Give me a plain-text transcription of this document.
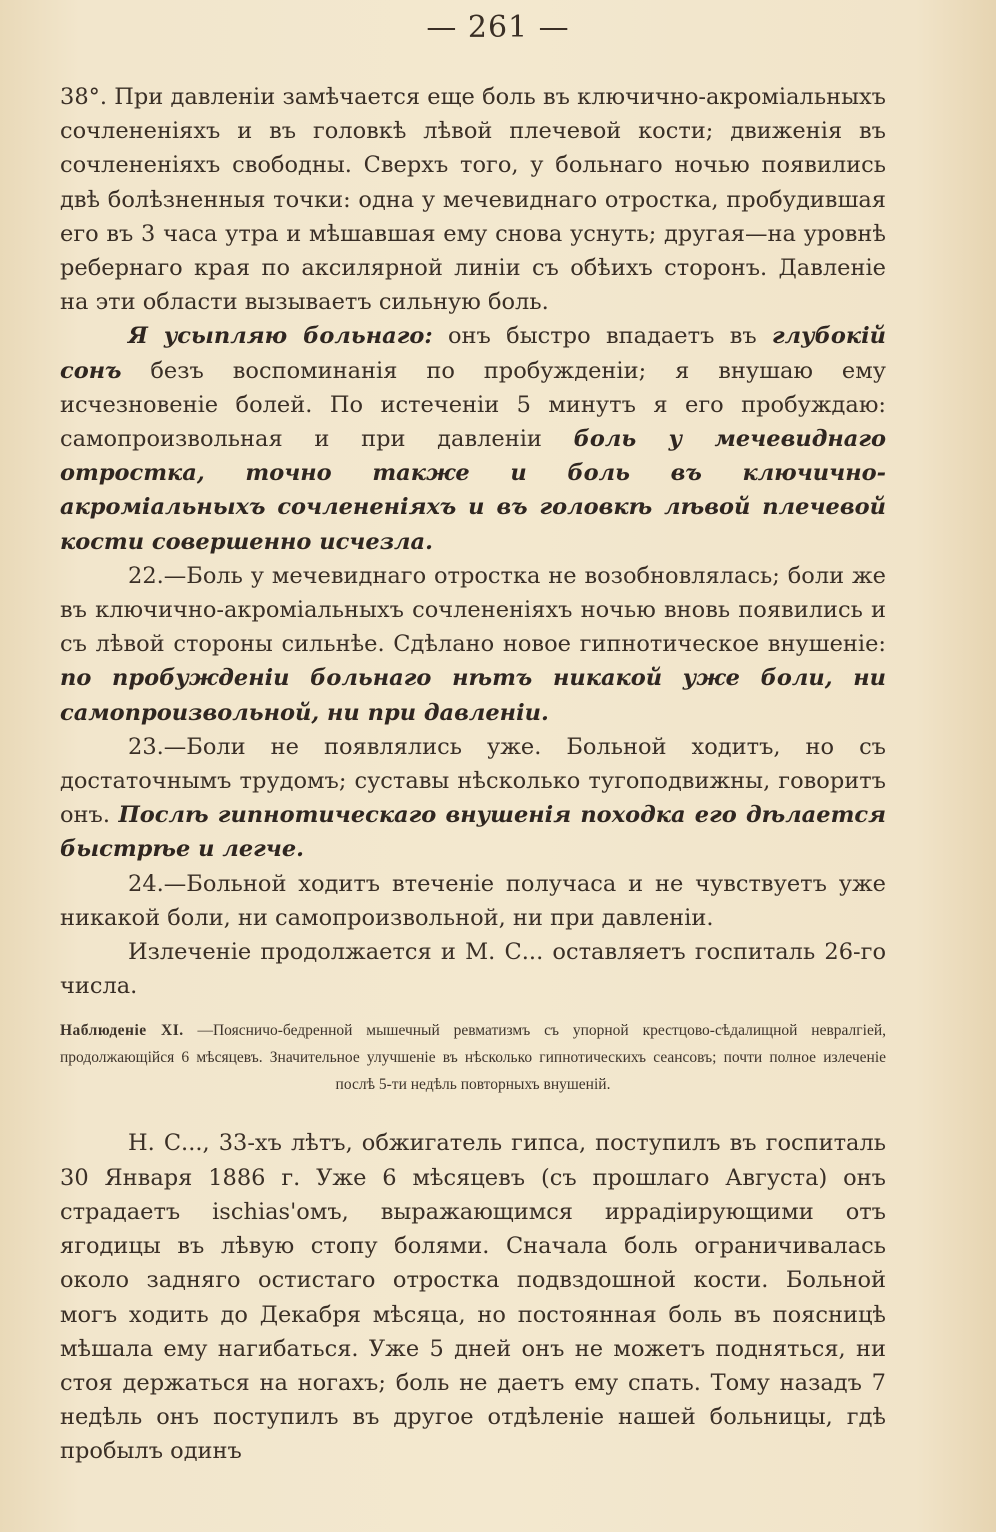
— 261 —

38°. При давленіи замѣчается еще боль въ ключично-акроміальныхъ сочлененіяхъ и въ головкѣ лѣвой плечевой кости; движенія въ сочлененіяхъ свободны. Сверхъ того, у больнаго ночью появились двѣ болѣзненныя точки: одна у мечевиднаго отростка, пробудившая его въ 3 часа утра и мѣшавшая ему снова уснуть; другая—на уровнѣ ребернаго края по аксилярной линіи съ обѣихъ сторонъ. Давленіе на эти области вызываетъ сильную боль.

Я усыпляю больнаго: онъ быстро впадаетъ въ глубокій сонъ безъ воспоминанія по пробужденіи; я внушаю ему исчезновеніе болей. По истеченіи 5 минутъ я его пробуждаю: самопроизвольная и при давленіи боль у мечевиднаго отростка, точно также и боль въ ключично-акроміальныхъ сочлененіяхъ и въ головкѣ лѣвой плечевой кости совершенно исчезла.

22.—Боль у мечевиднаго отростка не возобновлялась; боли же въ ключично-акроміальныхъ сочлененіяхъ ночью вновь появились и съ лѣвой стороны сильнѣе. Сдѣлано новое гипнотическое внушеніе: по пробужденіи больнаго нѣтъ никакой уже боли, ни самопроизвольной, ни при давленіи.

23.—Боли не появлялись уже. Больной ходитъ, но съ достаточнымъ трудомъ; суставы нѣсколько тугоподвижны, говоритъ онъ. Послѣ гипнотическаго внушенія походка его дѣлается быстрѣе и легче.

24.—Больной ходитъ втеченіе получаса и не чувствуетъ уже никакой боли, ни самопроизвольной, ни при давленіи.

Излеченіе продолжается и М. С... оставляетъ госпиталь 26-го числа.

Наблюденіе XI. —Поясничо-бедренной мышечный ревматизмъ съ упорной крестцово-сѣдалищной невралгіей, продолжающійся 6 мѣсяцевъ. Значительное улучшеніе въ нѣсколько гипнотическихъ сеансовъ; почти полное излеченіе послѣ 5-ти недѣль повторныхъ внушеній.

Н. С..., 33-хъ лѣтъ, обжигатель гипса, поступилъ въ госпиталь 30 Января 1886 г. Уже 6 мѣсяцевъ (съ прошлаго Августа) онъ страдаетъ ischias'омъ, выражающимся иррадіирующими отъ ягодицы въ лѣвую стопу болями. Сначала боль ограничивалась около задняго остистаго отростка подвздошной кости. Больной могъ ходить до Декабря мѣсяца, но постоянная боль въ поясницѣ мѣшала ему нагибаться. Уже 5 дней онъ не можетъ подняться, ни стоя держаться на ногахъ; боль не даетъ ему спать. Тому назадъ 7 недѣль онъ поступилъ въ другое отдѣленіе нашей больницы, гдѣ пробылъ одинъ
